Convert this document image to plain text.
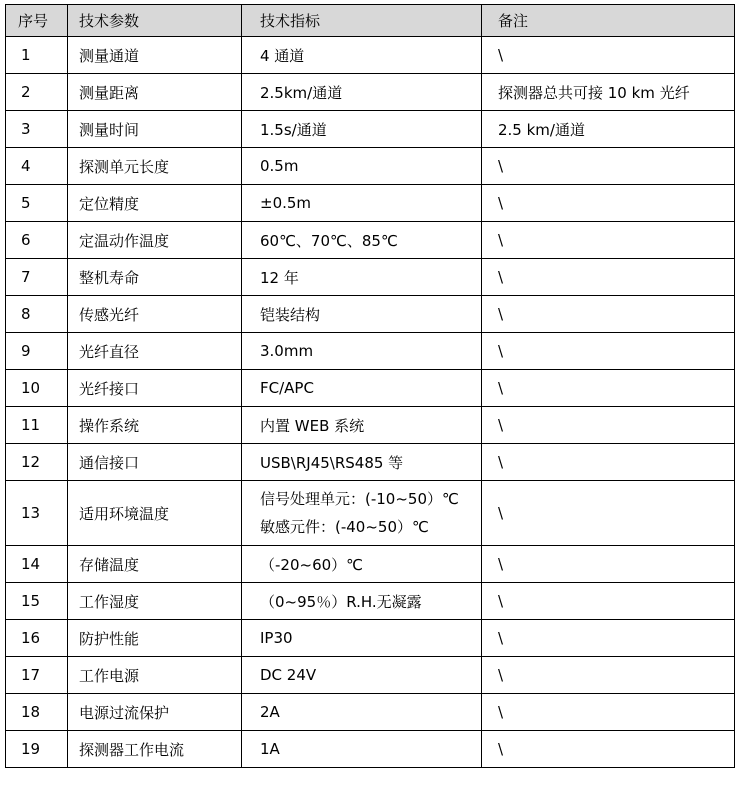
序号	技术参数	技术指标	备注
1	测量通道	4 通道	\
2	测量距离	2.5km/通道	探测器总共可接 10 km 光纤
3	测量时间	1.5s/通道	2.5 km/通道
4	探测单元长度	0.5m	\
5	定位精度	±0.5m	\
6	定温动作温度	60℃、70℃、85℃	\
7	整机寿命	12 年	\
8	传感光纤	铠装结构	\
9	光纤直径	3.0mm	\
10	光纤接口	FC/APC	\
11	操作系统	内置 WEB 系统	\
12	通信接口	USB\RJ45\RS485 等	\
13	适用环境温度	信号处理单元：(-10~50）℃
敏感元件：(-40~50）℃	\
14	存储温度	（-20~60）℃	\
15	工作湿度	（0~95％）R.H.无凝露	\
16	防护性能	IP30	\
17	工作电源	DC 24V	\
18	电源过流保护	2A	\
19	探测器工作电流	1A	\
